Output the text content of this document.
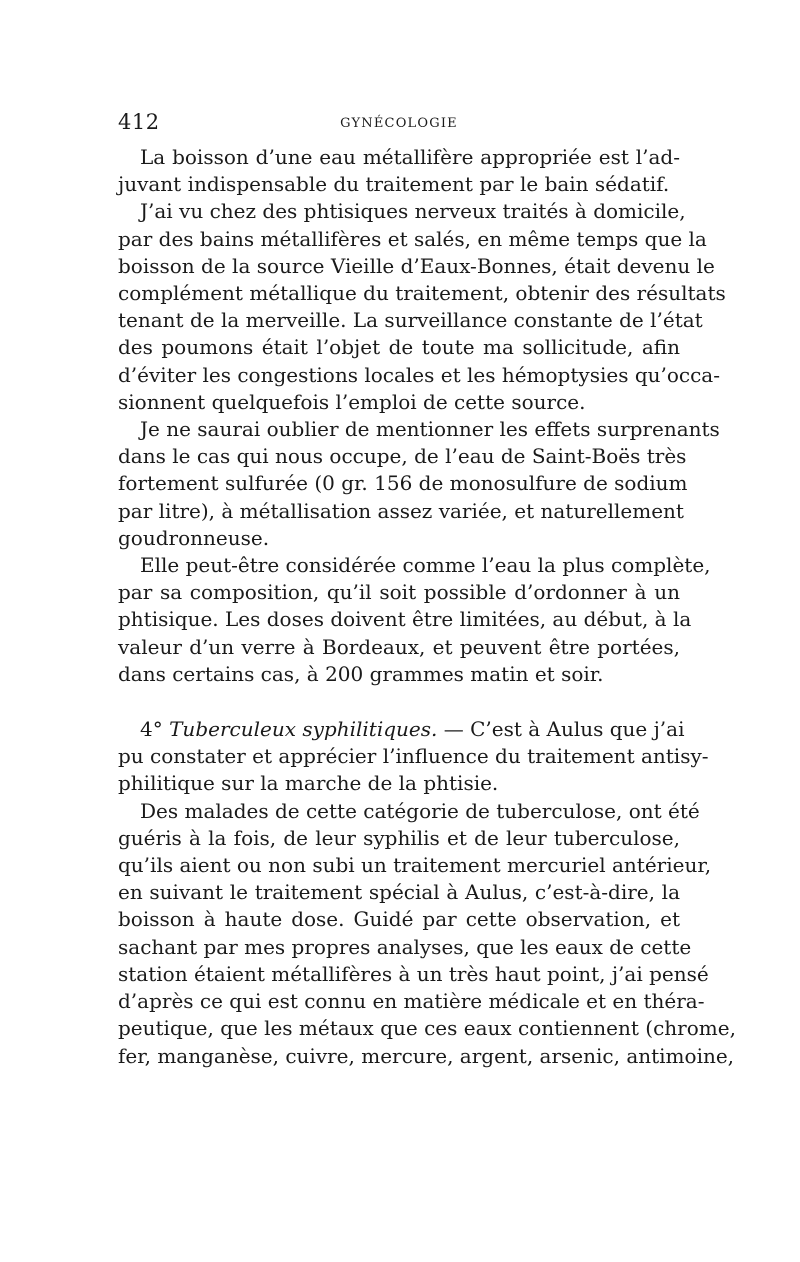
412	GYNÉCOLOGIE

La boisson d’une eau métallifère appropriée est l’ad-
juvant indispensable du traitement par le bain sédatif.

J’ai vu chez des phtisiques nerveux traités à domicile,
par des bains métallifères et salés, en même temps que la
boisson de la source Vieille d’Eaux-Bonnes, était devenu le
complément métallique du traitement, obtenir des résultats
tenant de la merveille. La surveillance constante de l’état
des poumons était l’objet de toute ma sollicitude, afin
d’éviter les congestions locales et les hémoptysies qu’occa-
sionnent quelquefois l’emploi de cette source.

Je ne saurai oublier de mentionner les effets surprenants
dans le cas qui nous occupe, de l’eau de Saint-Boës très
fortement sulfurée (0 gr. 156 de monosulfure de sodium
par litre), à métallisation assez variée, et naturellement
goudronneuse.

Elle peut-être considérée comme l’eau la plus complète,
par sa composition, qu’il soit possible d’ordonner à un
phtisique. Les doses doivent être limitées, au début, à la
valeur d’un verre à Bordeaux, et peuvent être portées,
dans certains cas, à 200 grammes matin et soir.

4° Tuberculeux syphilitiques. — C’est à Aulus que j’ai
pu constater et apprécier l’influence du traitement antisy-
philitique sur la marche de la phtisie.

Des malades de cette catégorie de tuberculose, ont été
guéris à la fois, de leur syphilis et de leur tuberculose,
qu’ils aient ou non subi un traitement mercuriel antérieur,
en suivant le traitement spécial à Aulus, c’est-à-dire, la
boisson à haute dose. Guidé par cette observation, et
sachant par mes propres analyses, que les eaux de cette
station étaient métallifères à un très haut point, j’ai pensé
d’après ce qui est connu en matière médicale et en théra-
peutique, que les métaux que ces eaux contiennent (chrome,
fer, manganèse, cuivre, mercure, argent, arsenic, antimoine,
